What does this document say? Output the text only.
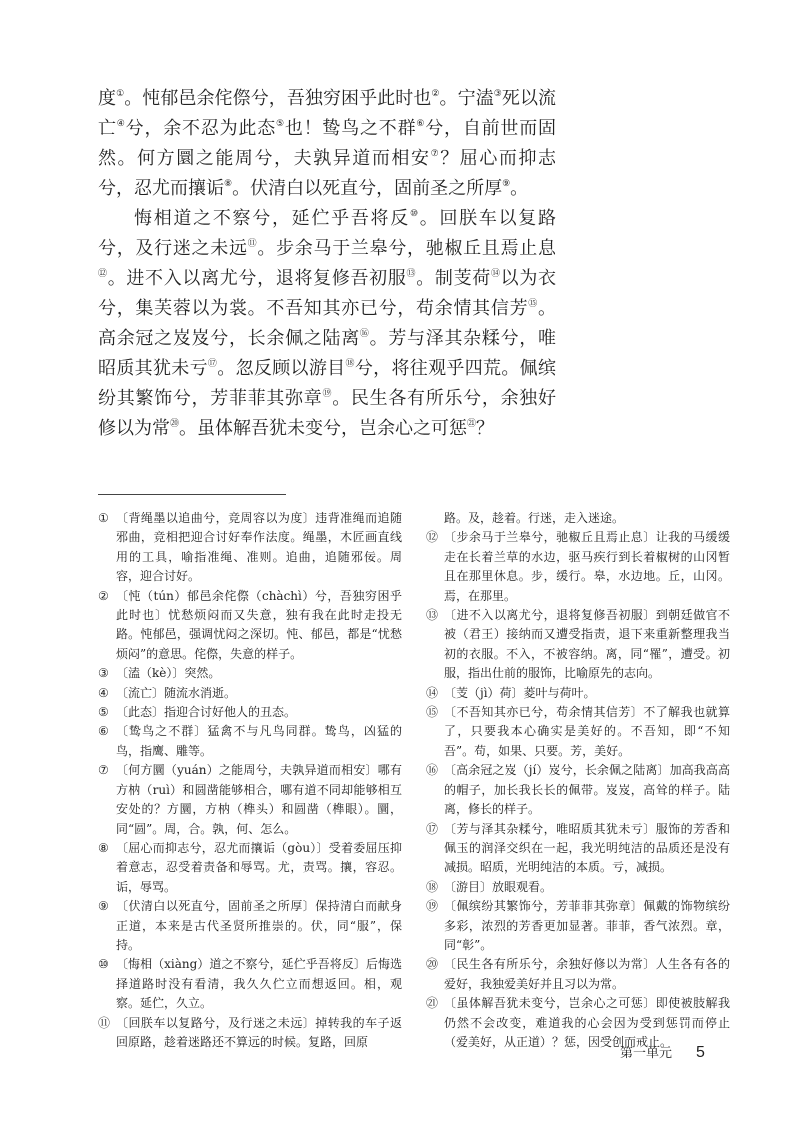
度①。忳郁邑余侘傺兮，吾独穷困乎此时也②。宁溘③死以流亡④兮，余不忍为此态⑤也！鸷鸟之不群⑥兮，自前世而固然。何方圜之能周兮，夫孰异道而相安⑦？屈心而抑志兮，忍尤而攘诟⑧。伏清白以死直兮，固前圣之所厚⑨。

悔相道之不察兮，延伫乎吾将反⑩。回朕车以复路兮，及行迷之未远⑪。步余马于兰皋兮，驰椒丘且焉止息⑫。进不入以离尤兮，退将复修吾初服⑬。制芰荷⑭以为衣兮，集芙蓉以为裳。不吾知其亦已兮，苟余情其信芳⑮。高余冠之岌岌兮，长余佩之陆离⑯。芳与泽其杂糅兮，唯昭质其犹未亏⑰。忽反顾以游目⑱兮，将往观乎四荒。佩缤纷其繁饰兮，芳菲菲其弥章⑲。民生各有所乐兮，余独好修以为常⑳。虽体解吾犹未变兮，岂余心之可惩$^㉑$？

① 〔背绳墨以追曲兮，竞周容以为度〕违背准绳而追随邪曲，竞相把迎合讨好奉作法度。绳墨，木匠画直线用的工具，喻指准绳、准则。追曲，追随邪佞。周容，迎合讨好。

② 〔忳（tún）郁邑余侘傺（chàchì）兮，吾独穷困乎此时也〕忧愁烦闷而又失意，独有我在此时走投无路。忳郁邑，强调忧闷之深切。忳、郁邑，都是“忧愁烦闷”的意思。侘傺，失意的样子。

③ 〔溘（kè）〕突然。

④ 〔流亡〕随流水消逝。

⑤ 〔此态〕指迎合讨好他人的丑态。

⑥ 〔鸷鸟之不群〕猛禽不与凡鸟同群。鸷鸟，凶猛的鸟，指鹰、雕等。

⑦ 〔何方圜（yuán）之能周兮，夫孰异道而相安〕哪有方枘（ruì）和圆凿能够相合，哪有道不同却能够相互安处的？方圜，方枘（榫头）和圆凿（榫眼）。圜，同“圆”。周，合。孰，何、怎么。

⑧ 〔屈心而抑志兮，忍尤而攘诟（gòu）〕受着委屈压抑着意志，忍受着责备和辱骂。尤，责骂。攘，容忍。诟，辱骂。

⑨ 〔伏清白以死直兮，固前圣之所厚〕保持清白而献身正道，本来是古代圣贤所推崇的。伏，同“服”，保持。

⑩ 〔悔相（xiàng）道之不察兮，延伫乎吾将反〕后悔选择道路时没有看清，我久久伫立而想返回。相，观察。延伫，久立。

⑪ 〔回朕车以复路兮，及行迷之未远〕掉转我的车子返回原路，趁着迷路还不算远的时候。复路，回原

路。及，趁着。行迷，走入迷途。

⑫ 〔步余马于兰皋兮，驰椒丘且焉止息〕让我的马缓缓走在长着兰草的水边，驱马疾行到长着椒树的山冈暂且在那里休息。步，缓行。皋，水边地。丘，山冈。焉，在那里。

⑬ 〔进不入以离尤兮，退将复修吾初服〕到朝廷做官不被（君王）接纳而又遭受指责，退下来重新整理我当初的衣服。不入，不被容纳。离，同“罹”，遭受。初服，指出仕前的服饰，比喻原先的志向。

⑭ 〔芰（jì）荷〕菱叶与荷叶。

⑮ 〔不吾知其亦已兮，苟余情其信芳〕不了解我也就算了，只要我本心确实是美好的。不吾知，即“不知吾”。苟，如果、只要。芳，美好。

⑯ 〔高余冠之岌（jí）岌兮，长余佩之陆离〕加高我高高的帽子，加长我长长的佩带。岌岌，高耸的样子。陆离，修长的样子。

⑰ 〔芳与泽其杂糅兮，唯昭质其犹未亏〕服饰的芳香和佩玉的润泽交织在一起，我光明纯洁的品质还是没有减损。昭质，光明纯洁的本质。亏，减损。

⑱ 〔游目〕放眼观看。

⑲ 〔佩缤纷其繁饰兮，芳菲菲其弥章〕佩戴的饰物缤纷多彩，浓烈的芳香更加显著。菲菲，香气浓烈。章，同“彰”。

⑳ 〔民生各有所乐兮，余独好修以为常〕人生各有各的爱好，我独爱美好并且习以为常。

㉑ 〔虽体解吾犹未变兮，岂余心之可惩〕即使被肢解我仍然不会改变，难道我的心会因为受到惩罚而停止（爱美好，从正道）？惩，因受创而戒止。

第一单元 5
